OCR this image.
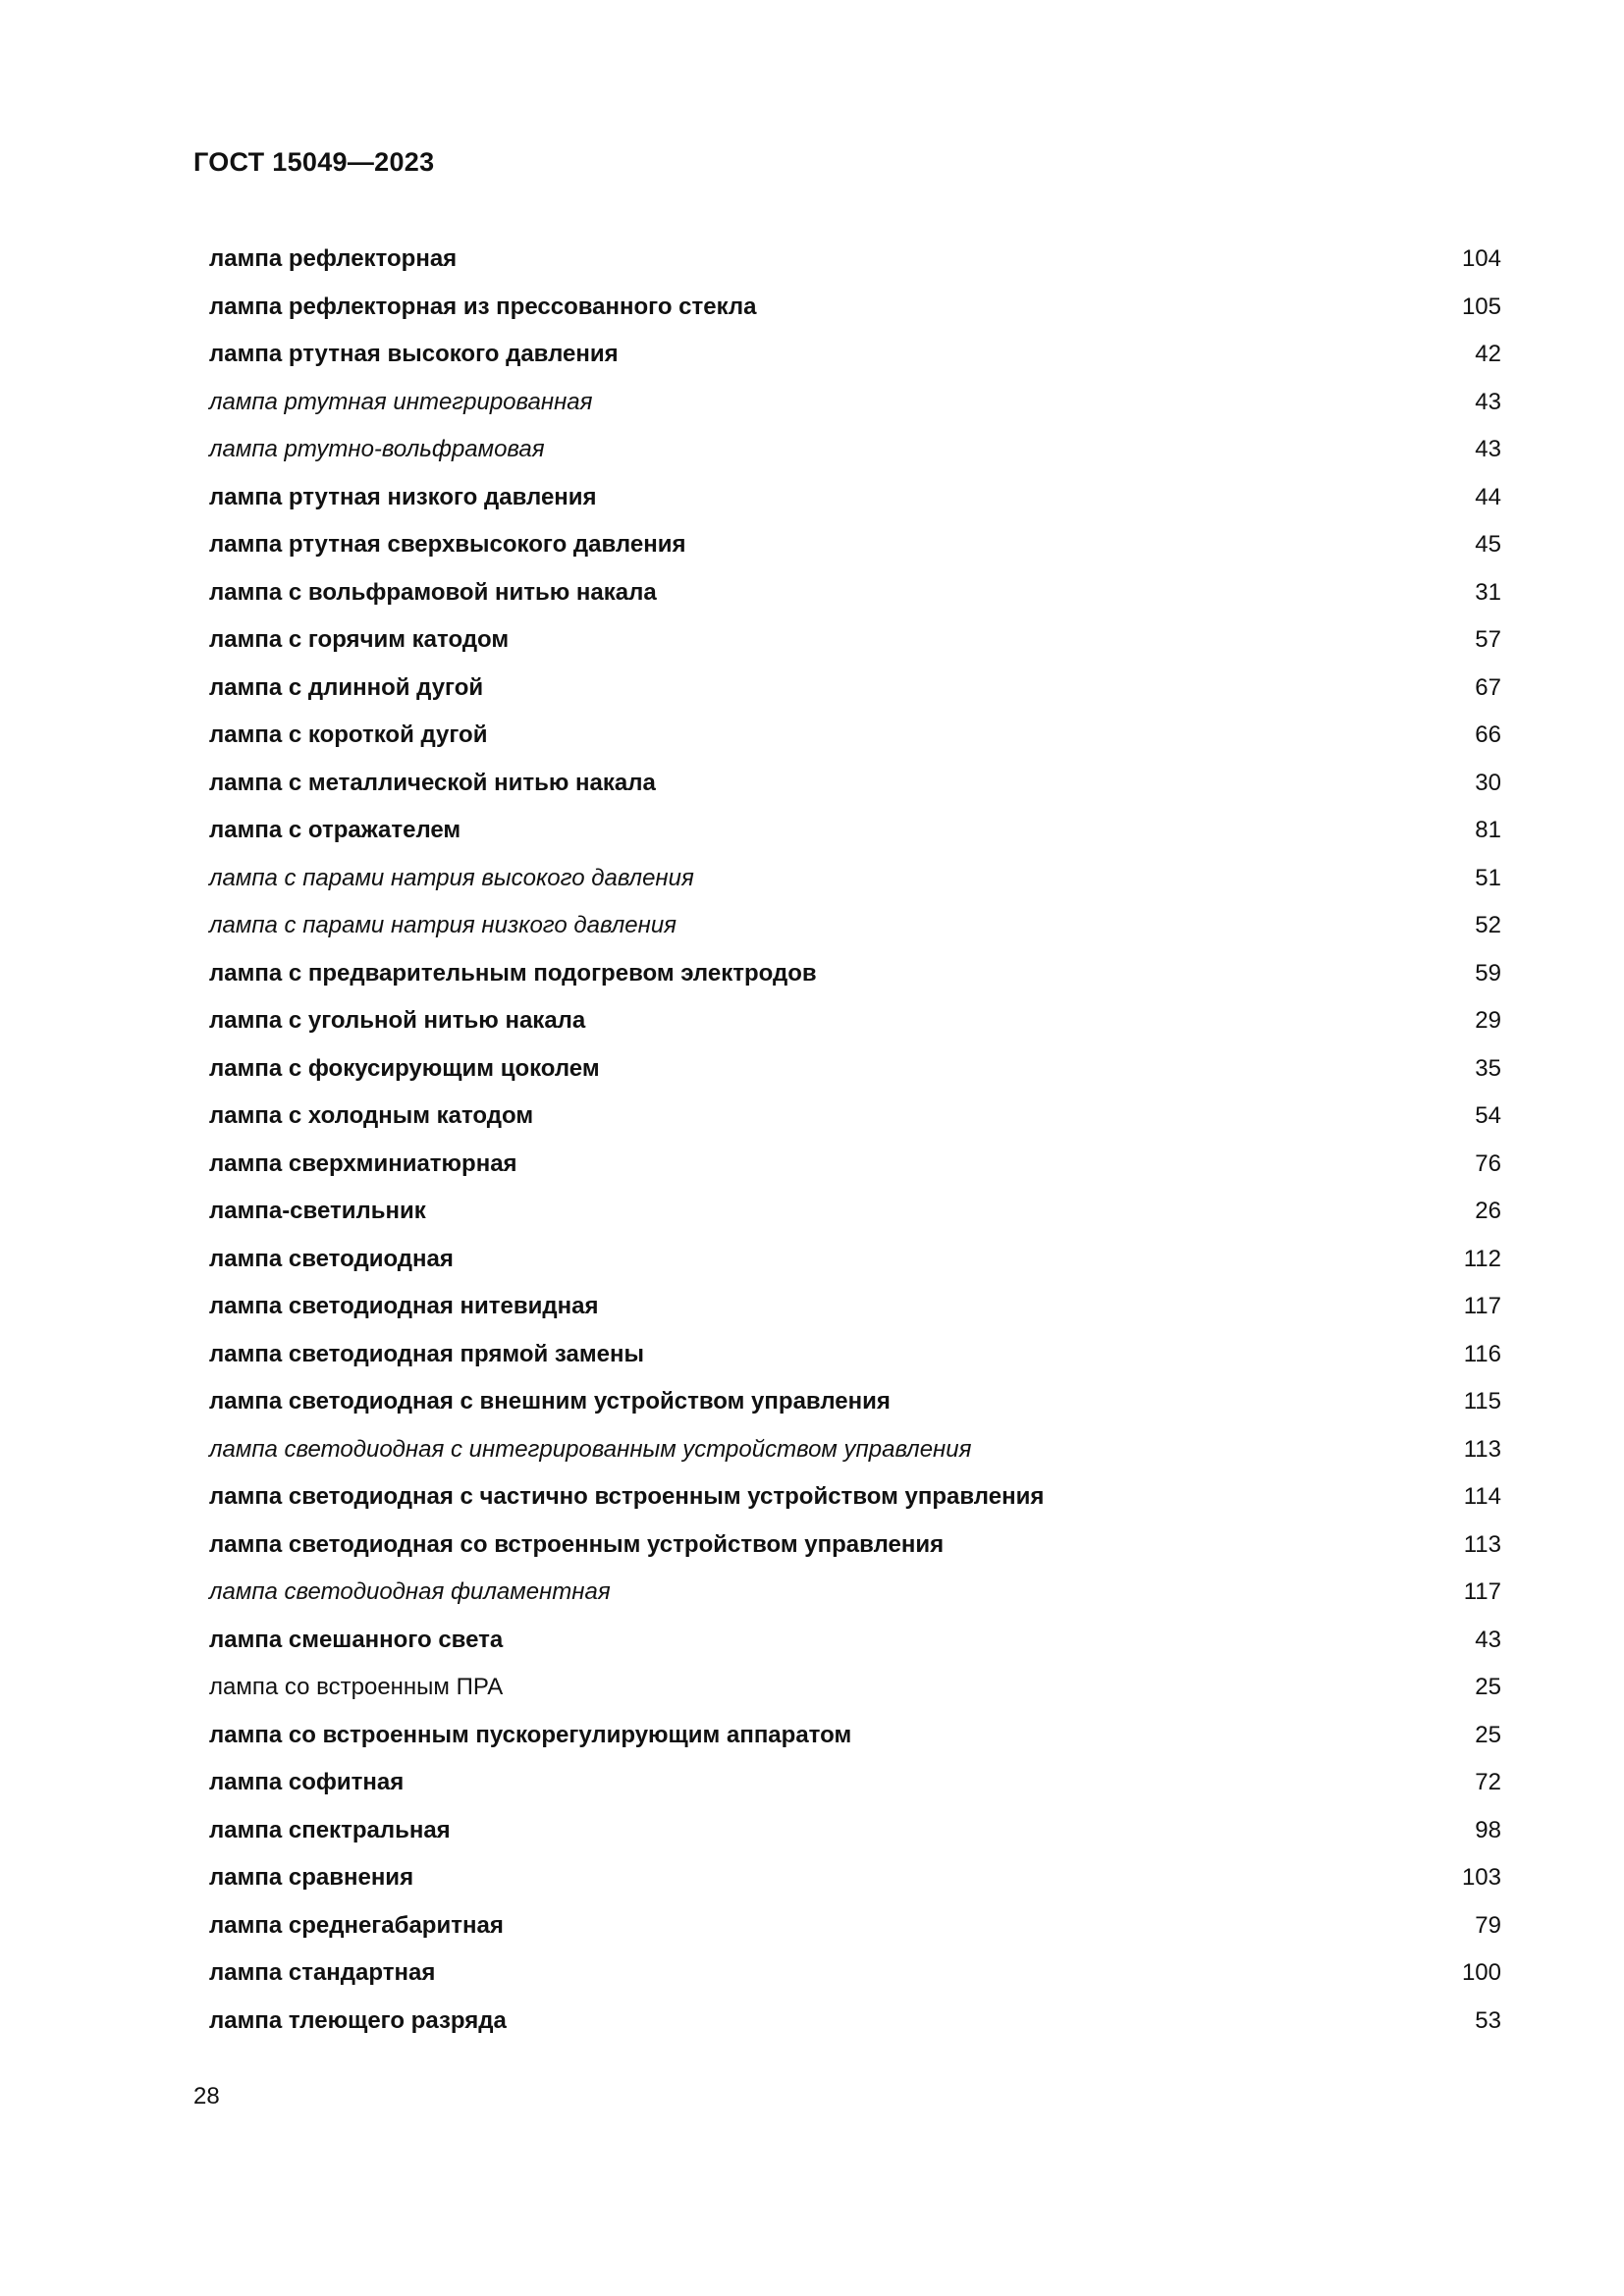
ГОСТ 15049—2023
лампа рефлекторная	104
лампа рефлекторная из прессованного стекла	105
лампа ртутная высокого давления	42
лампа ртутная интегрированная	43
лампа ртутно-вольфрамовая	43
лампа ртутная низкого давления	44
лампа ртутная сверхвысокого давления	45
лампа с вольфрамовой нитью накала	31
лампа с горячим катодом	57
лампа с длинной дугой	67
лампа с короткой дугой	66
лампа с металлической нитью накала	30
лампа с отражателем	81
лампа с парами натрия высокого давления	51
лампа с парами натрия низкого давления	52
лампа с предварительным подогревом электродов	59
лампа с угольной нитью накала	29
лампа с фокусирующим цоколем	35
лампа с холодным катодом	54
лампа сверхминиатюрная	76
лампа-светильник	26
лампа светодиодная	112
лампа светодиодная нитевидная	117
лампа светодиодная прямой замены	116
лампа светодиодная с внешним устройством управления	115
лампа светодиодная с интегрированным устройством управления	113
лампа светодиодная с частично встроенным устройством управления	114
лампа светодиодная со встроенным устройством управления	113
лампа светодиодная филаментная	117
лампа смешанного света	43
лампа со встроенным ПРА	25
лампа со встроенным пускорегулирующим аппаратом	25
лампа софитная	72
лампа спектральная	98
лампа сравнения	103
лампа среднегабаритная	79
лампа стандартная	100
лампа тлеющего разряда	53
28
